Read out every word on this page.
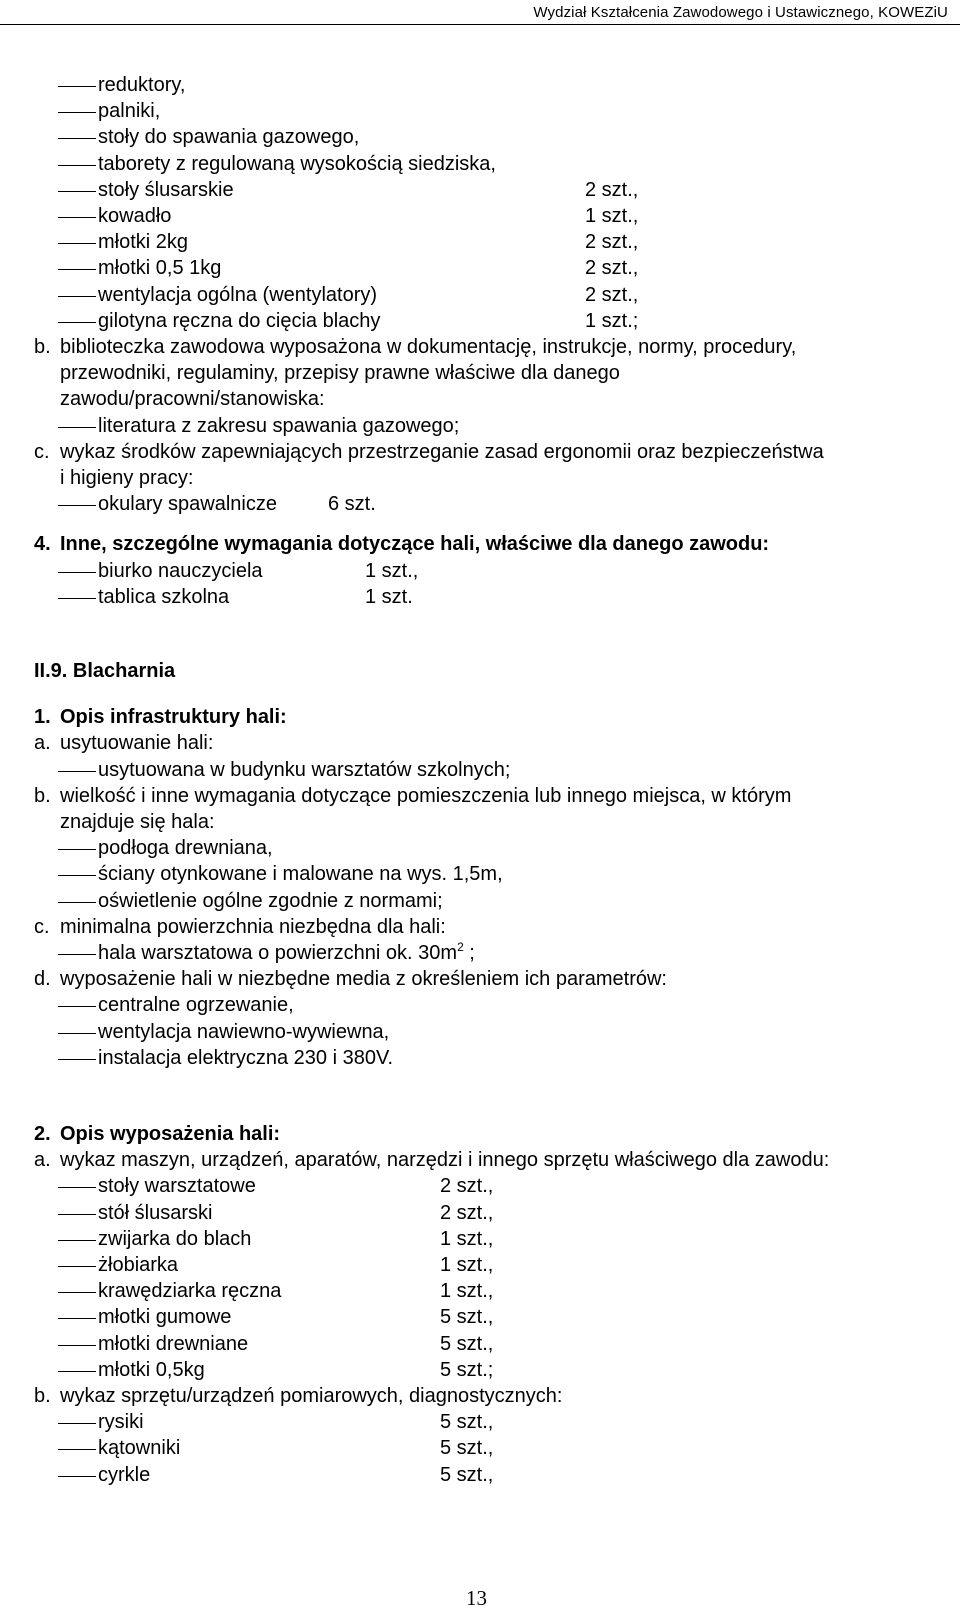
Wydział Kształcenia Zawodowego i Ustawicznego, KOWEZiU
reduktory,
palniki,
stoły do spawania gazowego,
taborety z regulowaną wysokością siedziska,
stoły ślusarskie	2 szt.,
kowadło	1 szt.,
młotki 2kg	2 szt.,
młotki 0,5 1kg	2 szt.,
wentylacja ogólna (wentylatory)	2 szt.,
gilotyna ręczna do cięcia blachy	1 szt.;
b. biblioteczka zawodowa wyposażona w dokumentację, instrukcje, normy, procedury,
przewodniki, regulaminy, przepisy prawne właściwe dla danego
zawodu/pracowni/stanowiska:
literatura z zakresu spawania gazowego;
c. wykaz środków zapewniających przestrzeganie zasad ergonomii oraz bezpieczeństwa
i higieny pracy:
okulary spawalnicze	6 szt.
4. Inne, szczególne wymagania dotyczące hali, właściwe dla danego zawodu:
biurko nauczyciela	1 szt.,
tablica szkolna	1 szt.
II.9. Blacharnia
1. Opis infrastruktury hali:
a. usytuowanie hali:
usytuowana w budynku warsztatów szkolnych;
b. wielkość i inne wymagania dotyczące pomieszczenia lub innego miejsca, w którym
znajduje się hala:
podłoga drewniana,
ściany otynkowane i malowane na wys. 1,5m,
oświetlenie ogólne zgodnie z normami;
c. minimalna powierzchnia niezbędna dla hali:
hala warsztatowa o powierzchni ok. $30m^2$ ;
d. wyposażenie hali w niezbędne media z określeniem ich parametrów:
centralne ogrzewanie,
wentylacja nawiewno-wywiewna,
instalacja elektryczna 230 i 380V.
2. Opis wyposażenia hali:
a. wykaz maszyn, urządzeń, aparatów, narzędzi i innego sprzętu właściwego dla zawodu:
stoły warsztatowe	2 szt.,
stół ślusarski	2 szt.,
zwijarka do blach	1 szt.,
żłobiarka	1 szt.,
krawędziarka ręczna	1 szt.,
młotki gumowe	5 szt.,
młotki drewniane	5 szt.,
młotki 0,5kg	5 szt.;
b. wykaz sprzętu/urządzeń pomiarowych, diagnostycznych:
rysiki	5 szt.,
kątowniki	5 szt.,
cyrkle	5 szt.,
13
